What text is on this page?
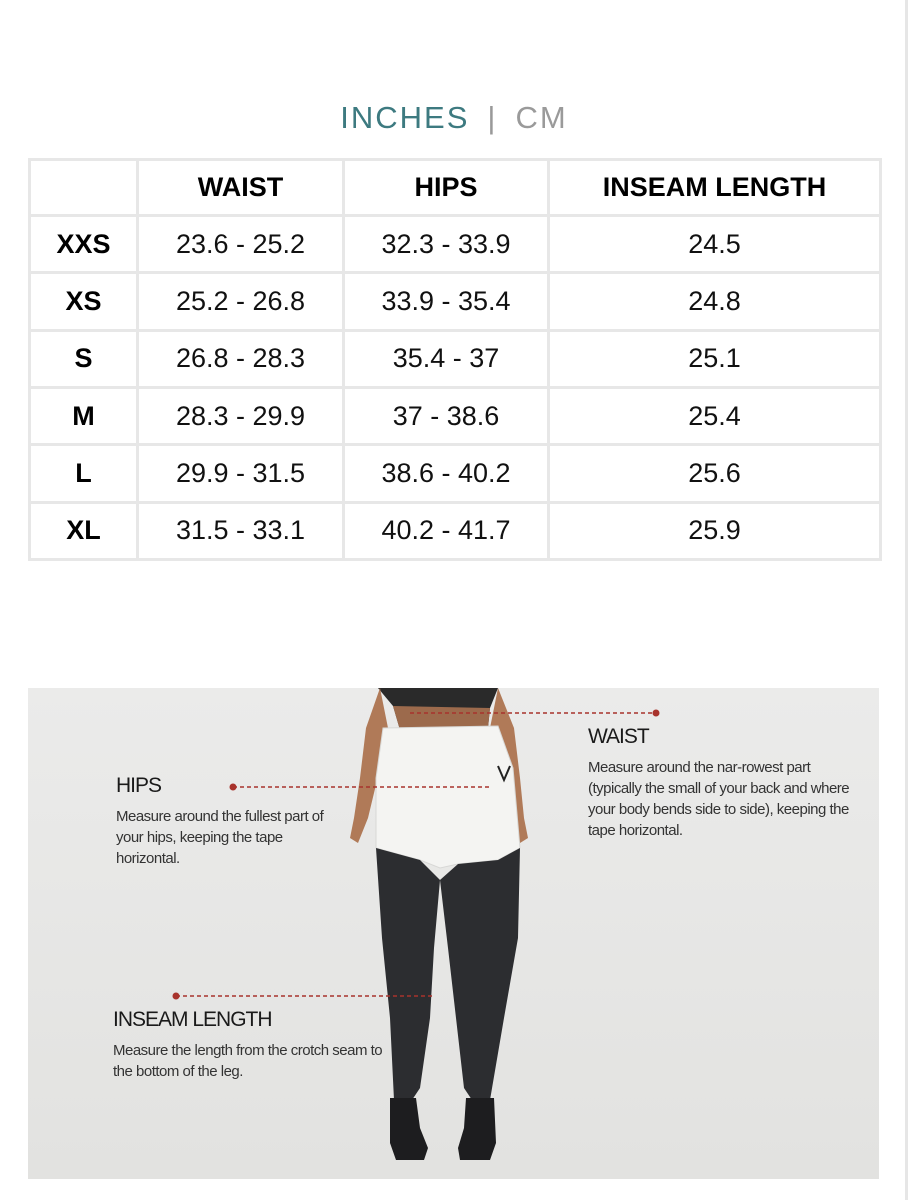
INCHES | CM
	WAIST	HIPS	INSEAM LENGTH
XXS	23.6 - 25.2	32.3 - 33.9	24.5
XS	25.2 - 26.8	33.9 - 35.4	24.8
S	26.8 - 28.3	35.4 - 37	25.1
M	28.3 - 29.9	37 - 38.6	25.4
L	29.9 - 31.5	38.6 - 40.2	25.6
XL	31.5 - 33.1	40.2 - 41.7	25.9
WAIST

Measure around the nar-rowest part (typically the small of your back and where your body bends side to side), keeping the tape horizontal.

HIPS

Measure around the fullest part of your hips, keeping the tape horizontal.

INSEAM LENGTH

Measure the length from the crotch seam to the bottom of the leg.
